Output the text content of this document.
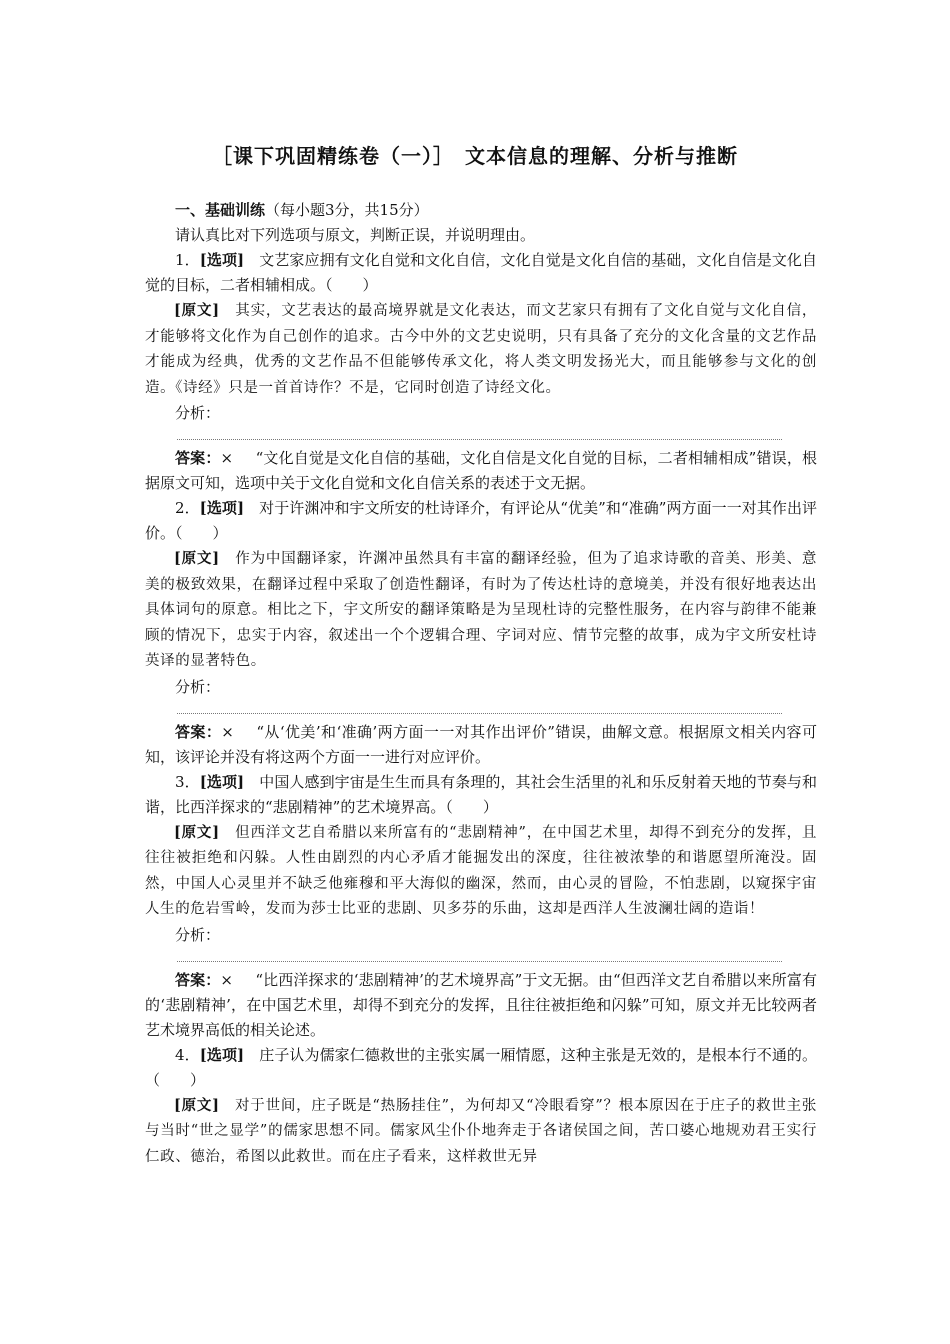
［课下巩固精练卷（一）］　文本信息的理解、分析与推断

一、基础训练（每小题3分，共15分）

请认真比对下列选项与原文，判断正误，并说明理由。

1．[选项]　 文艺家应拥有文化自觉和文化自信，文化自觉是文化自信的基础，文化自信是文化自觉的目标，二者相辅相成。（　　）

[原文]　 其实，文艺表达的最高境界就是文化表达，而文艺家只有拥有了文化自觉与文化自信，才能够将文化作为自己创作的追求。古今中外的文艺史说明，只有具备了充分的文化含量的文艺作品才能成为经典，优秀的文艺作品不但能够传承文化，将人类文明发扬光大，而且能够参与文化的创造。《诗经》只是一首首诗作？不是，它同时创造了诗经文化。

分析：

答案：× “文化自觉是文化自信的基础，文化自信是文化自觉的目标，二者相辅相成”错误，根据原文可知，选项中关于文化自觉和文化自信关系的表述于文无据。

2．[选项]　 对于许渊冲和宇文所安的杜诗译介，有评论从“优美”和“准确”两方面一一对其作出评价。（　　）

[原文]　 作为中国翻译家，许渊冲虽然具有丰富的翻译经验，但为了追求诗歌的音美、形美、意美的极致效果，在翻译过程中采取了创造性翻译，有时为了传达杜诗的意境美，并没有很好地表达出具体词句的原意。相比之下，宇文所安的翻译策略是为呈现杜诗的完整性服务，在内容与韵律不能兼顾的情况下，忠实于内容，叙述出一个个逻辑合理、字词对应、情节完整的故事，成为宇文所安杜诗英译的显著特色。

分析：

答案：× “从‘优美’和‘准确’两方面一一对其作出评价”错误，曲解文意。根据原文相关内容可知，该评论并没有将这两个方面一一进行对应评价。

3．[选项]　 中国人感到宇宙是生生而具有条理的，其社会生活里的礼和乐反射着天地的节奏与和谐，比西洋探求的“悲剧精神”的艺术境界高。（　　）

[原文]　 但西洋文艺自希腊以来所富有的“悲剧精神”，在中国艺术里，却得不到充分的发挥，且往往被拒绝和闪躲。人性由剧烈的内心矛盾才能掘发出的深度，往往被浓挚的和谐愿望所淹没。固然，中国人心灵里并不缺乏他雍穆和平大海似的幽深，然而，由心灵的冒险，不怕悲剧，以窥探宇宙人生的危岩雪岭，发而为莎士比亚的悲剧、贝多芬的乐曲，这却是西洋人生波澜壮阔的造诣！

分析：

答案：× “比西洋探求的‘悲剧精神’的艺术境界高”于文无据。由“但西洋文艺自希腊以来所富有的‘悲剧精神’，在中国艺术里，却得不到充分的发挥，且往往被拒绝和闪躲”可知，原文并无比较两者艺术境界高低的相关论述。

4．[选项]　 庄子认为儒家仁德救世的主张实属一厢情愿，这种主张是无效的，是根本行不通的。（　　）

[原文]　 对于世间，庄子既是“热肠挂住”，为何却又“冷眼看穿”？根本原因在于庄子的救世主张与当时“世之显学”的儒家思想不同。儒家风尘仆仆地奔走于各诸侯国之间，苦口婆心地规劝君王实行仁政、德治，希图以此救世。而在庄子看来，这样救世无异
